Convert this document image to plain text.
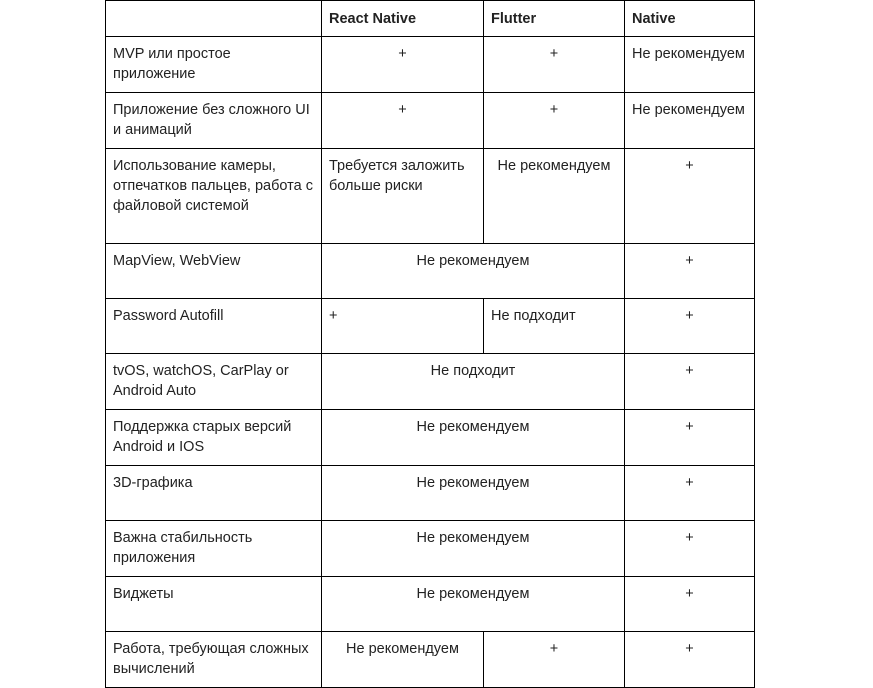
	React Native	Flutter	Native
MVP или простое приложение	+	+	Не рекомендуем
Приложение без сложного UI и анимаций	+	+	Не рекомендуем
Использование камеры, отпечатков пальцев, работа с файловой системой	Требуется заложить больше риски	Не рекомендуем	+
MapView, WebView	Не рекомендуем		+
Password Autofill	+	Не подходит	+
tvOS, watchOS, CarPlay or Android Auto	Не подходит		+
Поддержка старых версий Android и IOS	Не рекомендуем		+
3D-графика	Не рекомендуем		+
Важна стабильность приложения	Не рекомендуем		+
Виджеты	Не рекомендуем		+
Работа, требующая сложных вычислений	Не рекомендуем	+	+
